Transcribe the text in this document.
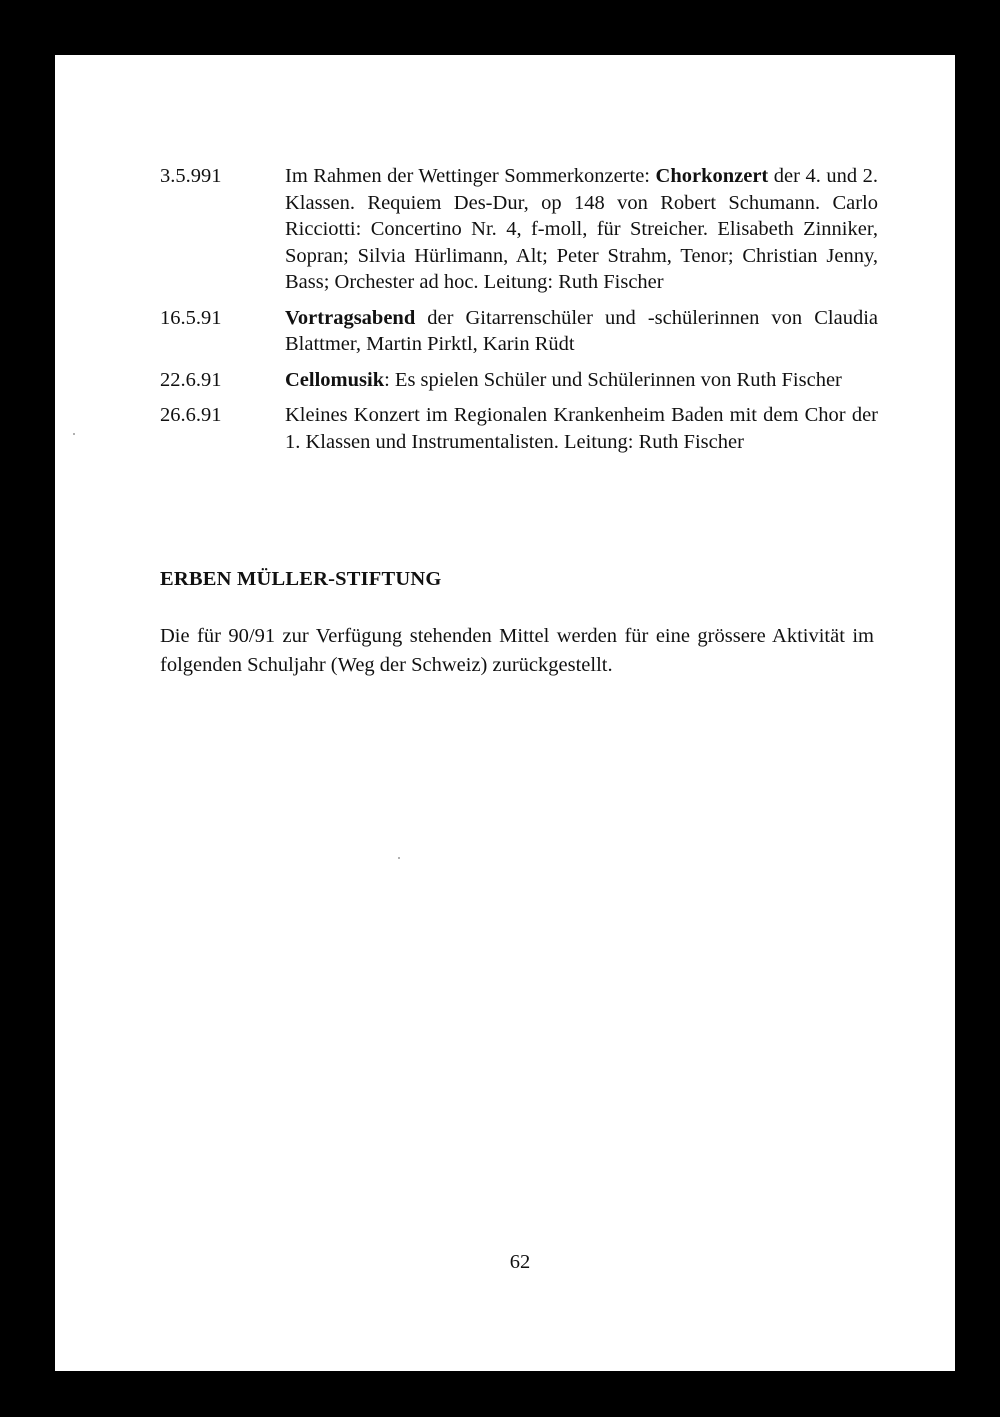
3.5.991	Im Rahmen der Wettinger Sommerkonzerte: Chorkonzert der 4. und 2. Klassen. Requiem Des-Dur, op 148 von Robert Schumann. Carlo Ricciotti: Concertino Nr. 4, f-moll, für Streicher. Elisabeth Zinniker, Sopran; Silvia Hürlimann, Alt; Peter Strahm, Tenor; Christian Jenny, Bass; Orchester ad hoc. Leitung: Ruth Fischer
16.5.91	Vortragsabend der Gitarrenschüler und -schülerinnen von Claudia Blattmer, Martin Pirktl, Karin Rüdt
22.6.91	Cellomusik: Es spielen Schüler und Schülerinnen von Ruth Fischer
26.6.91	Kleines Konzert im Regionalen Krankenheim Baden mit dem Chor der 1. Klassen und Instrumentalisten. Leitung: Ruth Fischer
ERBEN MÜLLER-STIFTUNG

Die für 90/91 zur Verfügung stehenden Mittel werden für eine grössere Aktivität im folgenden Schuljahr (Weg der Schweiz) zurückgestellt.

62
